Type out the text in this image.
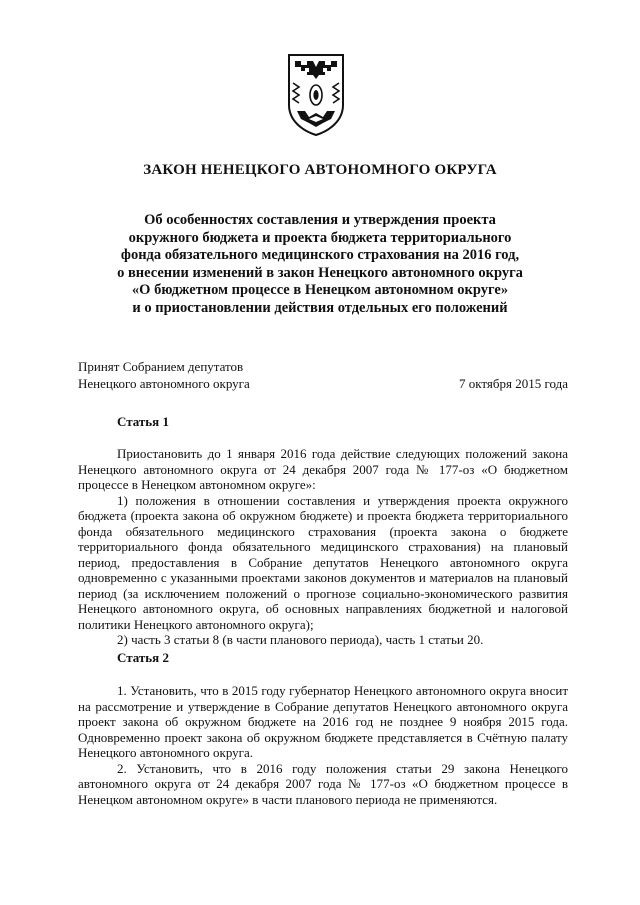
ЗАКОН НЕНЕЦКОГО АВТОНОМНОГО ОКРУГА
Об особенностях составления и утверждения проекта
окружного бюджета и проекта бюджета территориального
фонда обязательного медицинского страхования на 2016 год,
о внесении изменений в закон Ненецкого автономного округа
«О бюджетном процессе в Ненецком автономном округе»
и о приостановлении действия отдельных его положений
Принят Собранием депутатов
Ненецкого автономного округа	7 октября 2015 года
Статья 1

Приостановить до 1 января 2016 года действие следующих положений закона Ненецкого автономного округа от 24 декабря 2007 года № 177-оз «О бюджетном процессе в Ненецком автономном округе»:

1) положения в отношении составления и утверждения проекта окружного бюджета (проекта закона об окружном бюджете) и проекта бюджета территориального фонда обязательного медицинского страхования (проекта закона о бюджете территориального фонда обязательного медицинского страхования) на плановый период, предоставления в Собрание депутатов Ненецкого автономного округа одновременно с указанными проектами законов документов и материалов на плановый период (за исключением положений о прогнозе социально-экономического развития Ненецкого автономного округа, об основных направлениях бюджетной и налоговой политики Ненецкого автономного округа);

2) часть 3 статьи 8 (в части планового периода), часть 1 статьи 20.

Статья 2

1. Установить, что в 2015 году губернатор Ненецкого автономного округа вносит на рассмотрение и утверждение в Собрание депутатов Ненецкого автономного округа проект закона об окружном бюджете на 2016 год не позднее 9 ноября 2015 года. Одновременно проект закона об окружном бюджете представляется в Счётную палату Ненецкого автономного округа.

2. Установить, что в 2016 году положения статьи 29 закона Ненецкого автономного округа от 24 декабря 2007 года № 177-оз «О бюджетном процессе в Ненецком автономном округе» в части планового периода не применяются.
